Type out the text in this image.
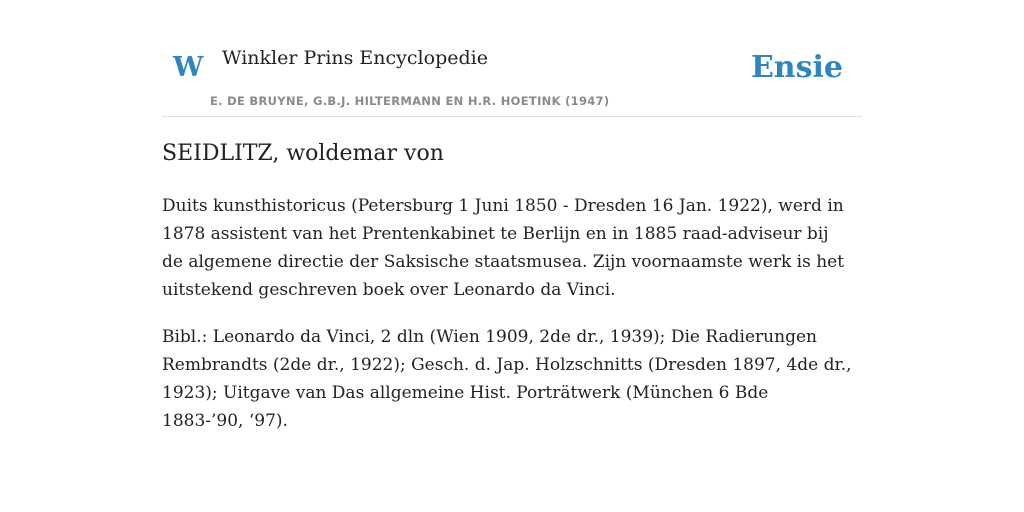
W Winkler Prins Encyclopedie
E. DE BRUYNE, G.B.J. HILTERMANN EN H.R. HOETINK (1947)
Ensie
SEIDLITZ, woldemar von

Duits kunsthistoricus (Petersburg 1 Juni 1850 - Dresden 16 Jan. 1922), werd in 1878 assistent van het Prentenkabinet te Berlijn en in 1885 raad-adviseur bij de algemene directie der Saksische staatsmusea. Zijn voornaamste werk is het uitstekend geschreven boek over Leonardo da Vinci.

Bibl.: Leonardo da Vinci, 2 dln (Wien 1909, 2de dr., 1939); Die Radierungen Rembrandts (2de dr., 1922); Gesch. d. Jap. Holzschnitts (Dresden 1897, 4de dr., 1923); Uitgave van Das allgemeine Hist. Porträtwerk (München 6 Bde 1883-’90, ‘97).
